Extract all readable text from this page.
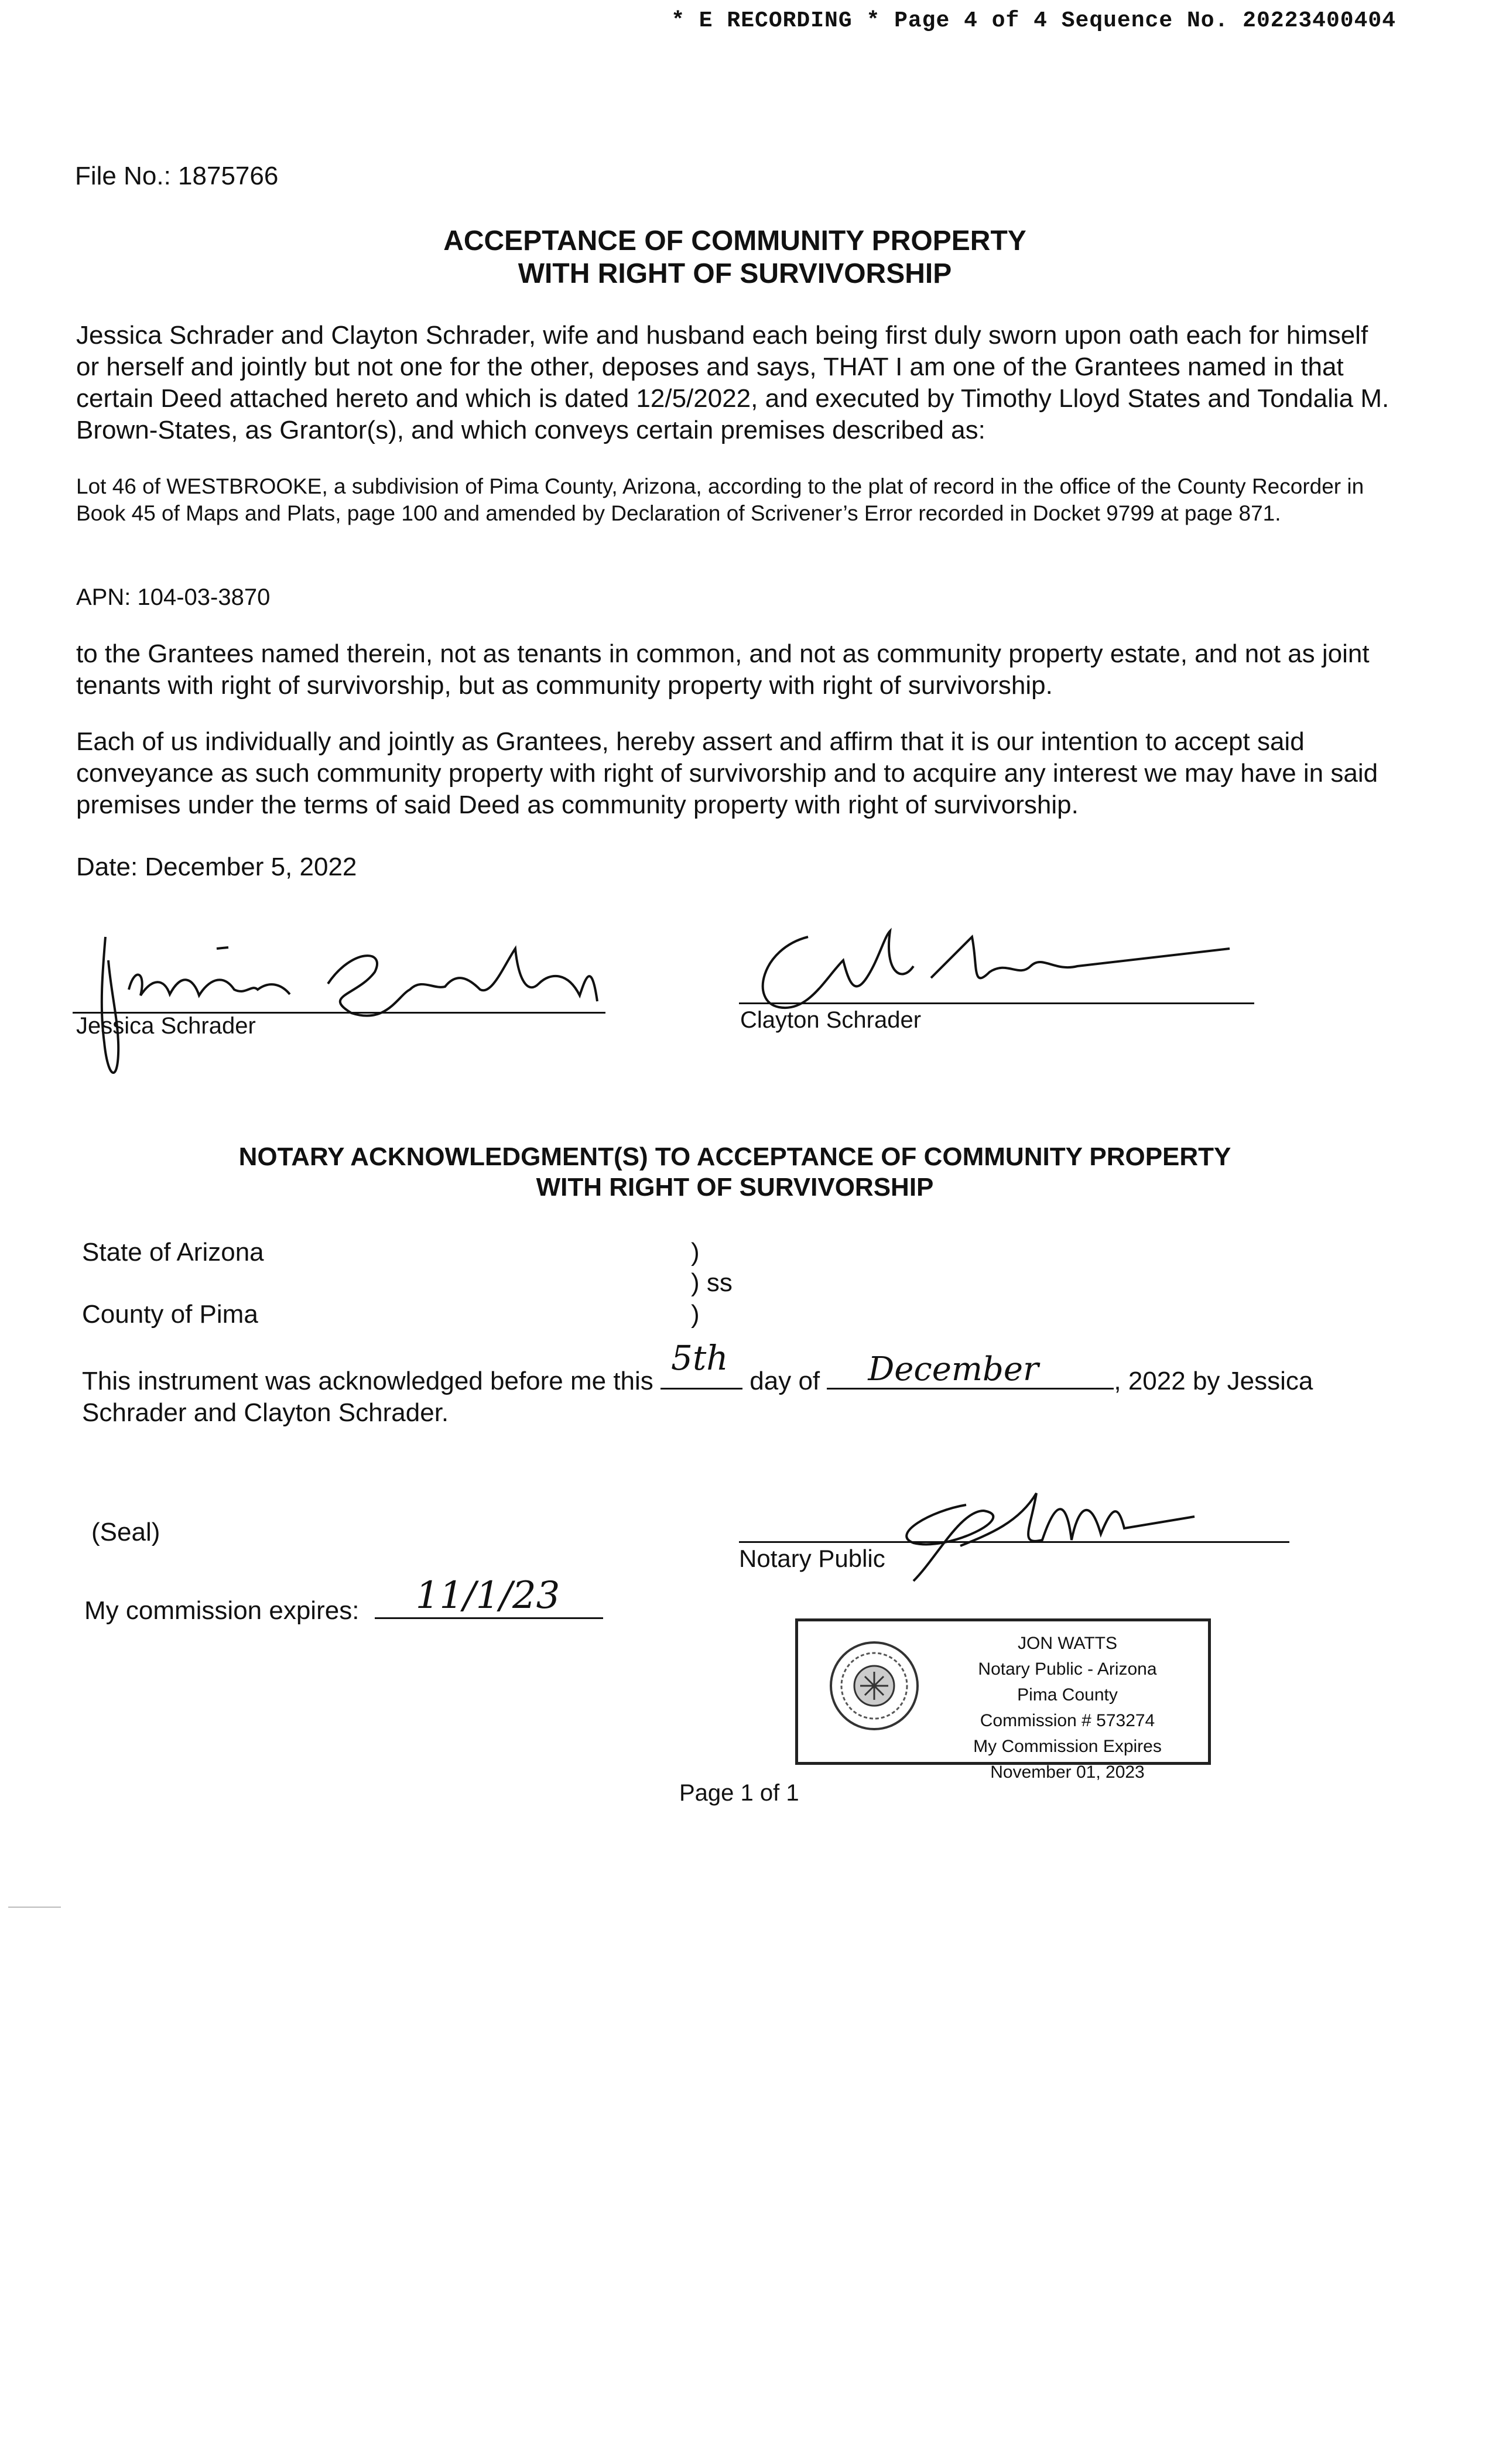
* E RECORDING * Page 4 of 4 Sequence No. 20223400404
File No.: 1875766
ACCEPTANCE OF COMMUNITY PROPERTY
WITH RIGHT OF SURVIVORSHIP
Jessica Schrader and Clayton Schrader, wife and husband each being first duly sworn upon oath each for himself or herself and jointly but not one for the other, deposes and says, THAT I am one of the Grantees named in that certain Deed attached hereto and which is dated 12/5/2022, and executed by Timothy Lloyd States and Tondalia M. Brown-States, as Grantor(s), and which conveys certain premises described as:
Lot 46 of WESTBROOKE, a subdivision of Pima County, Arizona, according to the plat of record in the office of the County Recorder in Book 45 of Maps and Plats, page 100 and amended by Declaration of Scrivener’s Error recorded in Docket 9799 at page 871.
APN: 104-03-3870
to the Grantees named therein, not as tenants in common, and not as community property estate, and not as joint tenants with right of survivorship, but as community property with right of survivorship.
Each of us individually and jointly as Grantees, hereby assert and affirm that it is our intention to accept said conveyance as such community property with right of survivorship and to acquire any interest we may have in said premises under the terms of said Deed as community property with right of survivorship.
Date: December 5, 2022
Jessica Schrader	Clayton Schrader
NOTARY ACKNOWLEDGMENT(S) TO ACCEPTANCE OF COMMUNITY PROPERTY
WITH RIGHT OF SURVIVORSHIP
State of Arizona
County of Pima
)
) ss
)
This instrument was acknowledged before me this
5th
day of December	, 2022 by Jessica Schrader and Clayton Schrader.
(Seal)
My commission expires: 11/1/23
Notary Public
JON WATTS
Notary Public - Arizona
Pima County
Commission # 573274
My Commission Expires November 01, 2023
Page 1 of 1
